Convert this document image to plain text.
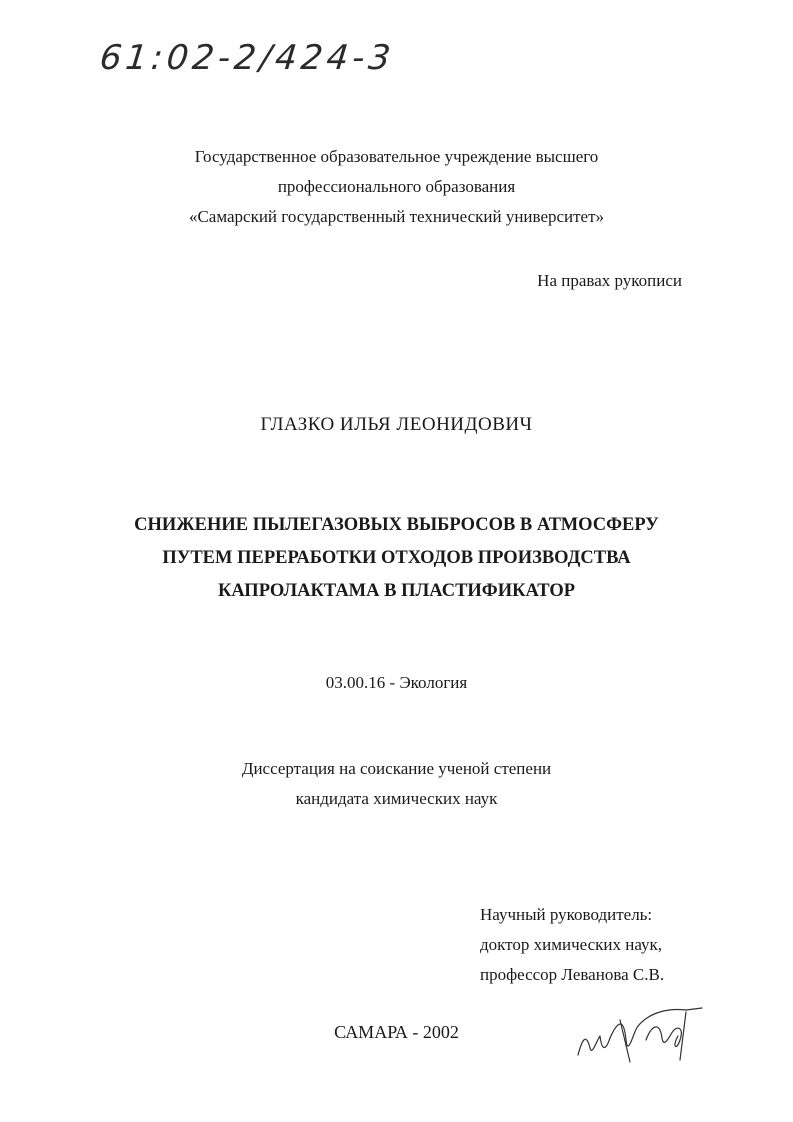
61:02-2/424-3
Государственное образовательное учреждение высшего
профессионального образования
«Самарский государственный технический университет»
На правах рукописи
ГЛАЗКО ИЛЬЯ ЛЕОНИДОВИЧ
СНИЖЕНИЕ ПЫЛЕГАЗОВЫХ ВЫБРОСОВ В АТМОСФЕРУ
ПУТЕМ ПЕРЕРАБОТКИ ОТХОДОВ ПРОИЗВОДСТВА
КАПРОЛАКТАМА В ПЛАСТИФИКАТОР
03.00.16 - Экология
Диссертация на соискание ученой степени
кандидата химических наук
Научный руководитель:
доктор химических наук,
профессор Леванова С.В.
САМАРА - 2002
